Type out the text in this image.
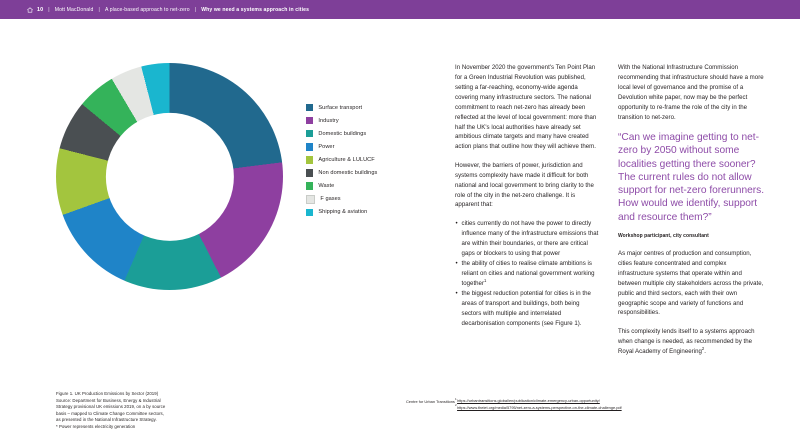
10 | Mott MacDonald | A place-based approach to net-zero | Why we need a systems approach in cities
Surface transport
Industry
Domestic buildings
Power
Agriculture & LULUCF
Non domestic buildings
Waste
F gases
Shipping & aviation
Figure 1. UK Production Emissions by Sector (2019)
Source: Department for Business, Energy & Industrial
Strategy provisional UK emissions 2019, on a by source
basis – mapped to Climate Change Committee sectors,
as presented in the National Infrastructure Strategy.
* Power represents electricity generation

In November 2020 the government's Ten Point Plan for a Green Industrial Revolution was published, setting a far-reaching, economy-wide agenda covering many infrastructure sectors. The national commitment to reach net-zero has already been reflected at the level of local government: more than half the UK's local authorities have already set ambitious climate targets and many have created action plans that outline how they will achieve them.

However, the barriers of power, jurisdiction and systems complexity have made it difficult for both national and local government to bring clarity to the role of the city in the net-zero challenge. It is apparent that:

• cities currently do not have the power to directly influence many of the infrastructure emissions that are within their boundaries, or there are critical gaps or blockers to using that power
• the ability of cities to realise climate ambitions is reliant on cities and national government working together$^1$
• the biggest reduction potential for cities is in the areas of transport and buildings, both being sectors with multiple and interrelated decarbonisation components (see Figure 1).

With the National Infrastructure Commission recommending that infrastructure should have a more local level of governance and the promise of a Devolution white paper, now may be the perfect opportunity to re-frame the role of the city in the transition to net-zero.

“Can we imagine getting to net-zero by 2050 without some localities getting there sooner? The current rules do not allow support for net-zero forerunners. How would we identify, support and resource them?”

Workshop participant, city consultant

As major centres of production and consumption, cities feature concentrated and complex infrastructure systems that operate within and between multiple city stakeholders across the private, public and third sectors, each with their own geographic scope and variety of functions and responsibilities.

This complexity lends itself to a systems approach when change is needed, as recommended by the Royal Academy of Engineering$^2$.

Centre for Urban Transitions $^1$https://urbantransitions.global/en/publication/climate-emergency-urban-opportunity/
$^2$https://www.theiet.org/media/5795/net-zero-a-systems-perspective-on-the-climate-challenge.pdf
